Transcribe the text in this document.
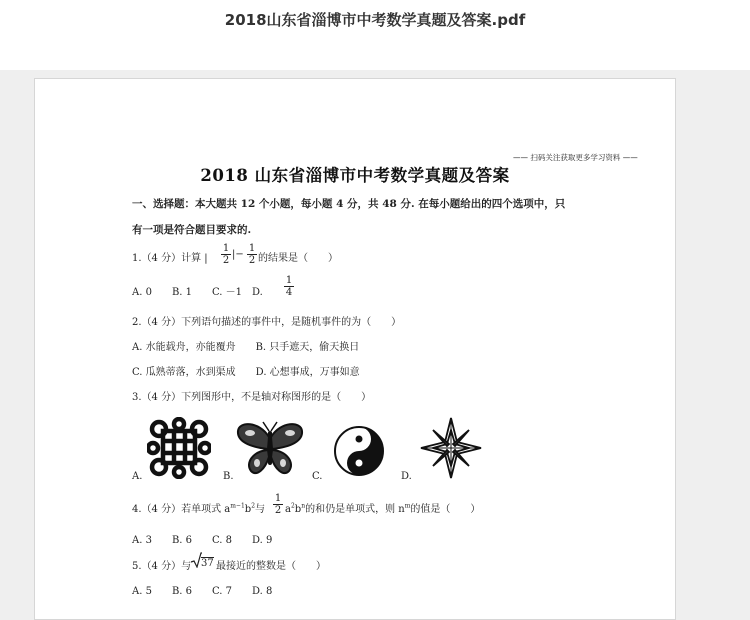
2018山东省淄博市中考数学真题及答案.pdf
—— 扫码关注获取更多学习资料 ——
2018 山东省淄博市中考数学真题及答案
一、选择题：本大题共 12 个小题，每小题 4 分，共 48 分. 在每小题给出的四个选项中，只
有一项是符合题目要求的.
1.（4 分）计算 |
1
2
|−
1
2 的结果是（　　）
A. 0　　B. 1　　C. －1　D.
1
4
2.（4 分）下列语句描述的事件中，是随机事件的为（　　）
A. 水能载舟，亦能覆舟　　B. 只手遮天，偷天换日
C. 瓜熟蒂落，水到渠成　　D. 心想事成，万事如意
3.（4 分）下列图形中，不是轴对称图形的是（　　）
A.	B.	C.	D.
4.（4 分）若单项式 $a^{m-1}b^2$与
1
2 $a^2b^n$的和仍是单项式，则 $n^m$的值是（　　）
A. 3　　B. 6　　C. 8　　D. 9
5.（4 分）与 37 最接近的整数是（　　）
A. 5　　B. 6　　C. 7　　D. 8
